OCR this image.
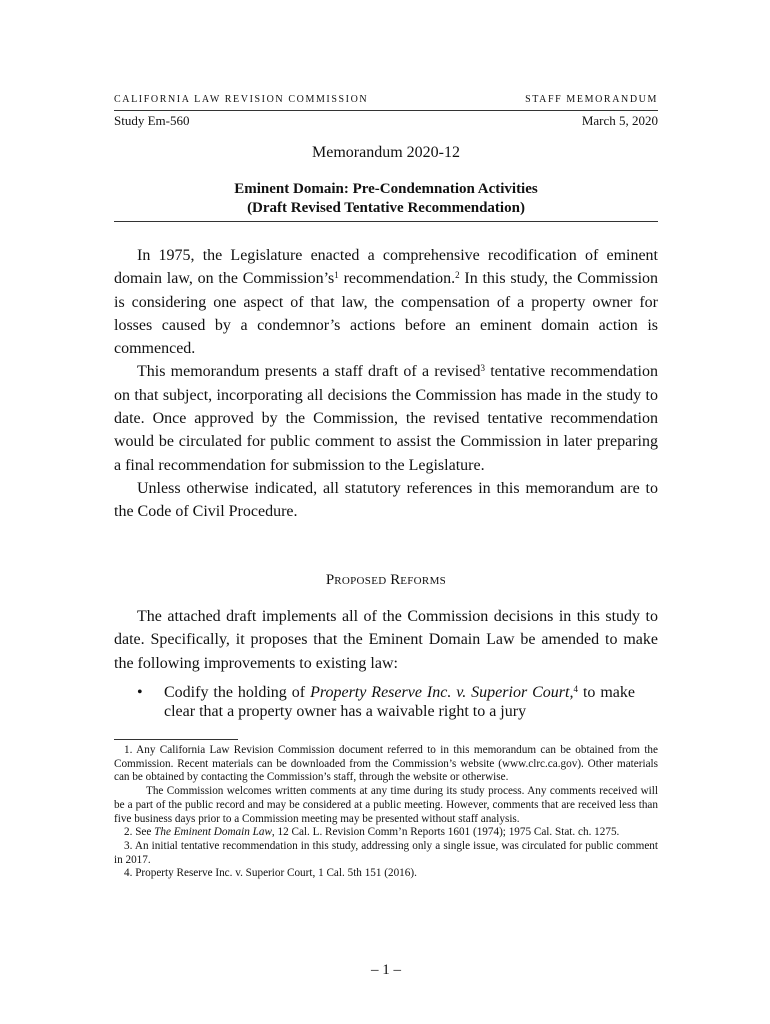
CALIFORNIA LAW REVISION COMMISSION	STAFF MEMORANDUM
Study Em-560	March 5, 2020
Memorandum 2020-12
Eminent Domain: Pre-Condemnation Activities
(Draft Revised Tentative Recommendation)

In 1975, the Legislature enacted a comprehensive recodification of eminent domain law, on the $Commission’s^1$ recommendation.$^2$ In this study, the Commission is considering one aspect of that law, the compensation of a property owner for losses caused by a condemnor’s actions before an eminent domain action is commenced.

This memorandum presents a staff draft of a revised$^3$ tentative recommendation on that subject, incorporating all decisions the Commission has made in the study to date. Once approved by the Commission, the revised tentative recommendation would be circulated for public comment to assist the Commission in later preparing a final recommendation for submission to the Legislature.

Unless otherwise indicated, all statutory references in this memorandum are to the Code of Civil Procedure.

PROPOSED REFORMS

The attached draft implements all of the Commission decisions in this study to date. Specifically, it proposes that the Eminent Domain Law be amended to make the following improvements to existing law:

• Codify the holding of Property Reserve Inc. v. Superior Court,$^4$ to make clear that a property owner has a waivable right to a jury

1. Any California Law Revision Commission document referred to in this memorandum can be obtained from the Commission. Recent materials can be downloaded from the Commission’s website (www.clrc.ca.gov). Other materials can be obtained by contacting the Commission’s staff, through the website or otherwise.

The Commission welcomes written comments at any time during its study process. Any comments received will be a part of the public record and may be considered at a public meeting. However, comments that are received less than five business days prior to a Commission meeting may be presented without staff analysis.

2. See The Eminent Domain Law, 12 Cal. L. Revision Comm’n Reports 1601 (1974); 1975 Cal. Stat. ch. 1275.

3. An initial tentative recommendation in this study, addressing only a single issue, was circulated for public comment in 2017.

4. Property Reserve Inc. v. Superior Court, 1 Cal. 5th 151 (2016).

– 1 –
